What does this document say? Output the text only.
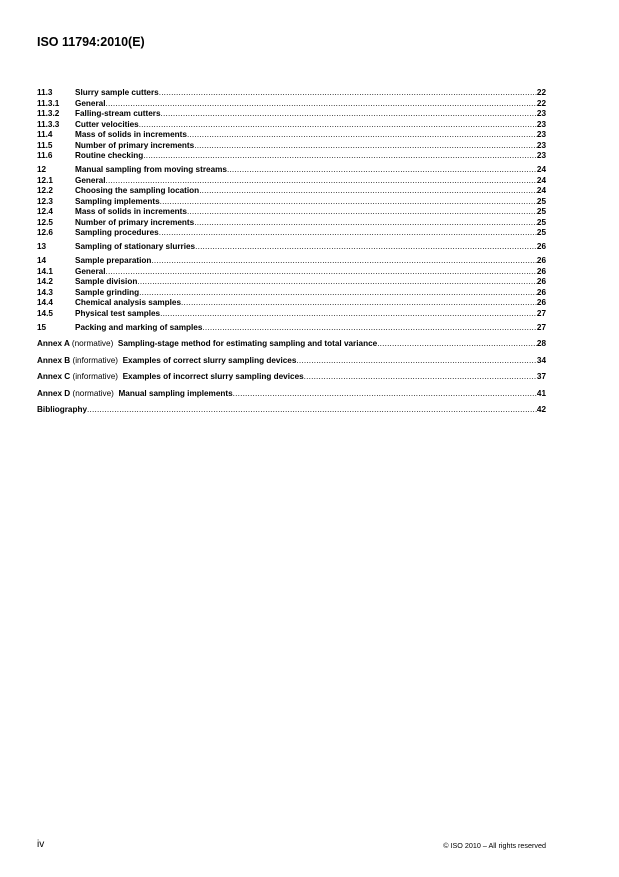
ISO 11794:2010(E)
11.3	Slurry sample cutters .....	22
11.3.1	General .....	22
11.3.2	Falling-stream cutters .....	23
11.3.3	Cutter velocities .....	23
11.4	Mass of solids in increments .....	23
11.5	Number of primary increments .....	23
11.6	Routine checking .....	23
12	Manual sampling from moving streams .....	24
12.1	General .....	24
12.2	Choosing the sampling location .....	24
12.3	Sampling implements .....	25
12.4	Mass of solids in increments .....	25
12.5	Number of primary increments .....	25
12.6	Sampling procedures .....	25
13	Sampling of stationary slurries .....	26
14	Sample preparation .....	26
14.1	General .....	26
14.2	Sample division .....	26
14.3	Sample grinding .....	26
14.4	Chemical analysis samples .....	26
14.5	Physical test samples .....	27
15	Packing and marking of samples .....	27
Annex A (normative) Sampling-stage method for estimating sampling and total variance .....	28
Annex B (informative) Examples of correct slurry sampling devices .....	34
Annex C (informative) Examples of incorrect slurry sampling devices .....	37
Annex D (normative) Manual sampling implements .....	41
Bibliography .....	42
iv	© ISO 2010 – All rights reserved
